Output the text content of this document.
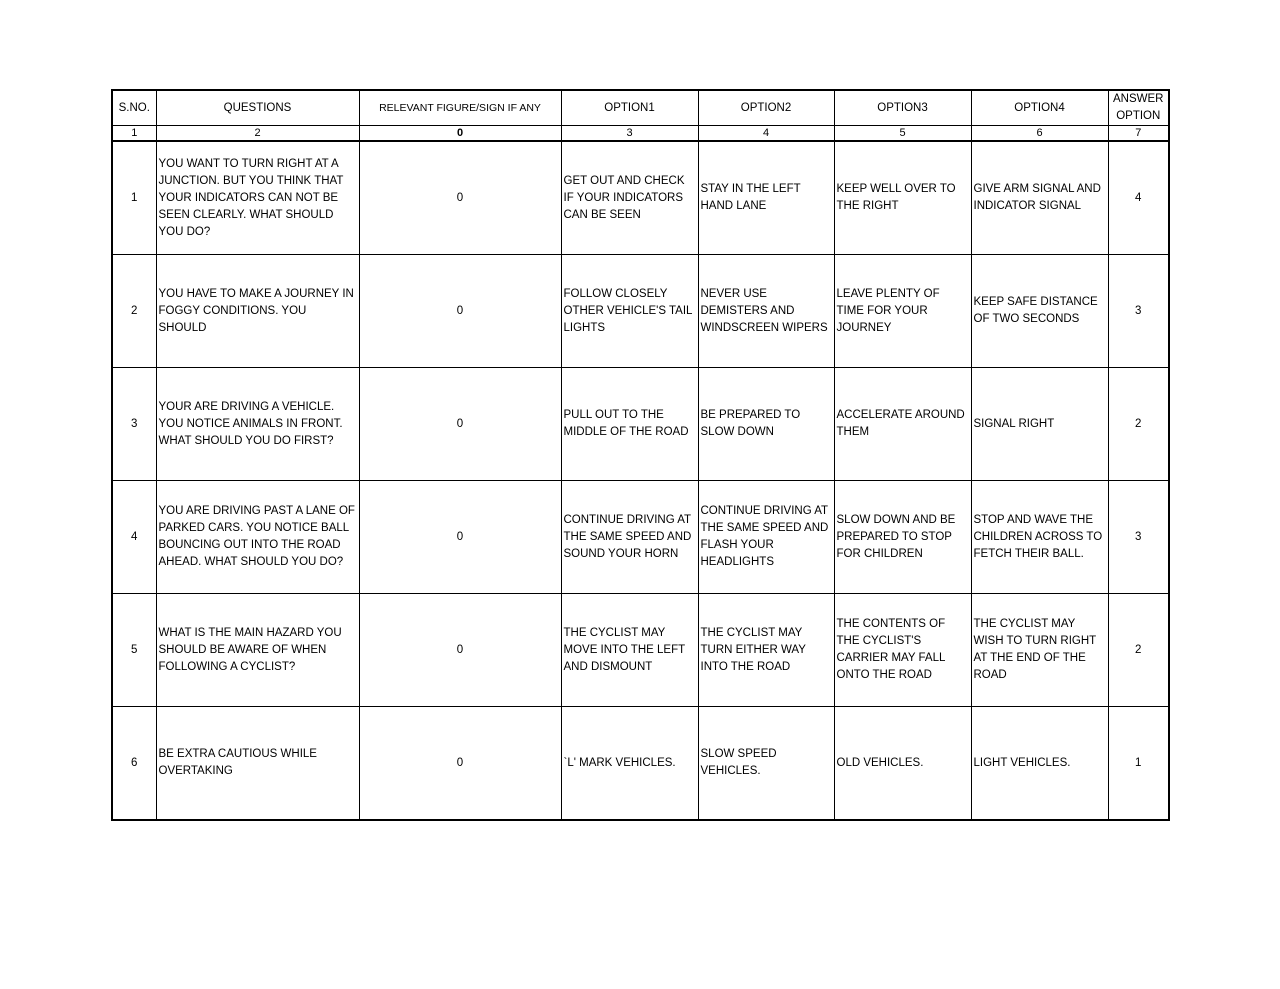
S.NO.	QUESTIONS	RELEVANT FIGURE/SIGN IF ANY	OPTION1	OPTION2	OPTION3	OPTION4	ANSWER OPTION
1	2	0	3	4	5	6	7
1	YOU WANT TO TURN RIGHT AT A JUNCTION. BUT YOU THINK THAT YOUR INDICATORS CAN NOT BE SEEN CLEARLY. WHAT SHOULD YOU DO?	0	GET OUT AND CHECK IF YOUR INDICATORS CAN BE SEEN	STAY IN THE LEFT HAND LANE	KEEP WELL OVER TO THE RIGHT	GIVE ARM SIGNAL AND INDICATOR SIGNAL	4
2	YOU HAVE TO MAKE A JOURNEY IN FOGGY CONDITIONS. YOU SHOULD	0	FOLLOW CLOSELY OTHER VEHICLE'S TAIL LIGHTS	NEVER USE DEMISTERS AND WINDSCREEN WIPERS	LEAVE PLENTY OF TIME FOR YOUR JOURNEY	KEEP SAFE DISTANCE OF TWO SECONDS	3
3	YOUR ARE DRIVING A VEHICLE. YOU NOTICE ANIMALS IN FRONT. WHAT SHOULD YOU DO FIRST?	0	PULL OUT TO THE MIDDLE OF THE ROAD	BE PREPARED TO SLOW DOWN	ACCELERATE AROUND THEM	SIGNAL RIGHT	2
4	YOU ARE DRIVING PAST A LANE OF PARKED CARS. YOU NOTICE BALL BOUNCING OUT INTO THE ROAD AHEAD. WHAT SHOULD YOU DO?	0	CONTINUE DRIVING AT THE SAME SPEED AND SOUND YOUR HORN	CONTINUE DRIVING AT THE SAME SPEED AND FLASH YOUR HEADLIGHTS	SLOW DOWN AND BE PREPARED TO STOP FOR CHILDREN	STOP AND WAVE THE CHILDREN ACROSS TO FETCH THEIR BALL.	3
5	WHAT IS THE MAIN HAZARD YOU SHOULD BE AWARE OF WHEN FOLLOWING A CYCLIST?	0	THE CYCLIST MAY MOVE INTO THE LEFT AND DISMOUNT	THE CYCLIST MAY TURN EITHER WAY INTO THE ROAD	THE CONTENTS OF THE CYCLIST'S CARRIER MAY FALL ONTO THE ROAD	THE CYCLIST MAY WISH TO TURN RIGHT AT THE END OF THE ROAD	2
6	BE EXTRA CAUTIOUS WHILE OVERTAKING	0	`L' MARK VEHICLES.	SLOW SPEED VEHICLES.	OLD VEHICLES.	LIGHT VEHICLES.	1
